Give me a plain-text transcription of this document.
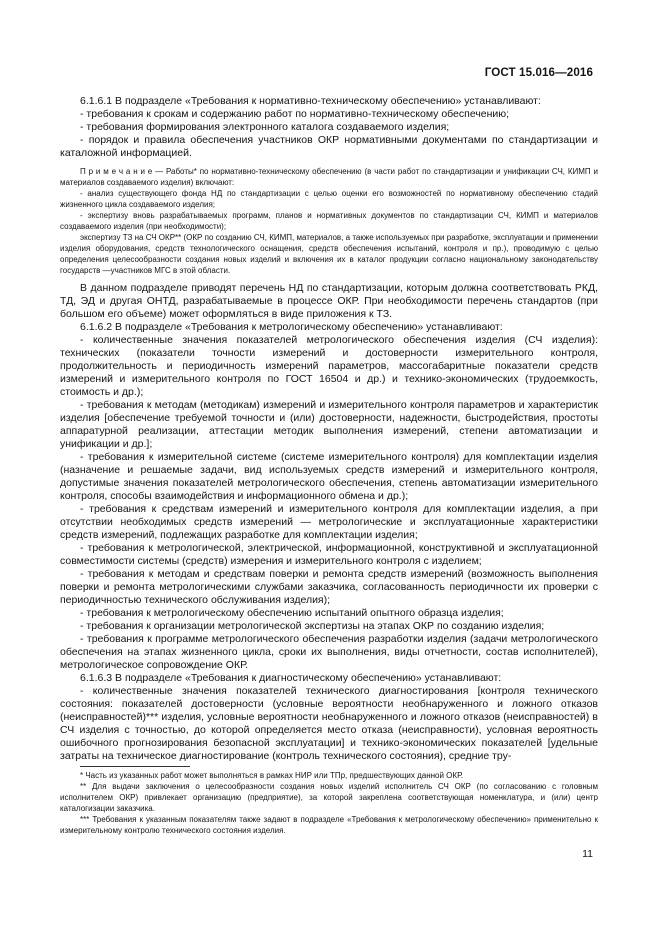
ГОСТ 15.016—2016

6.1.6.1 В подразделе «Требования к нормативно-техническому обеспечению» устанавливают:

- требования к срокам и содержанию работ по нормативно-техническому обеспечению;

- требования формирования электронного каталога создаваемого изделия;

- порядок и правила обеспечения участников ОКР нормативными документами по стандартизации и каталожной информацией.

П р и м е ч а н и е — Работы* по нормативно-техническому обеспечению (в части работ по стандартизации и унификации СЧ, КИМП и материалов создаваемого изделия) включают:

- анализ существующего фонда НД по стандартизации с целью оценки его возможностей по нормативному обеспечению стадий жизненного цикла создаваемого изделия;

- экспертизу вновь разрабатываемых программ, планов и нормативных документов по стандартизации СЧ, КИМП и материалов создаваемого изделия (при необходимости);

экспертизу ТЗ на СЧ ОКР** (ОКР по созданию СЧ, КИМП, материалов, а также используемых при разработке, эксплуатации и применении изделия оборудования, средств технологического оснащения, средств обеспечения испытаний, контроля и пр.), проводимую с целью определения целесообразности создания новых изделий и включения их в каталог продукции согласно национальному законодательству государств —участников МГС в этой области.

В данном подразделе приводят перечень НД по стандартизации, которым должна соответствовать РКД, ТД, ЭД и другая ОНТД, разрабатываемые в процессе ОКР. При необходимости перечень стандартов (при большом его объеме) может оформляться в виде приложения к ТЗ.

6.1.6.2 В подразделе «Требования к метрологическому обеспечению» устанавливают:

- количественные значения показателей метрологического обеспечения изделия (СЧ изделия): технических (показатели точности измерений и достоверности измерительного контроля, продолжительность и периодичность измерений параметров, массогабаритные показатели средств измерений и измерительного контроля по ГОСТ 16504 и др.) и технико-экономических (трудоемкость, стоимость и др.);

- требования к методам (методикам) измерений и измерительного контроля параметров и характеристик изделия [обеспечение требуемой точности и (или) достоверности, надежности, быстродействия, простоты аппаратурной реализации, аттестации методик выполнения измерений, степени автоматизации и унификации и др.];

- требования к измерительной системе (системе измерительного контроля) для комплектации изделия (назначение и решаемые задачи, вид используемых средств измерений и измерительного контроля, допустимые значения показателей метрологического обеспечения, степень автоматизации измерительного контроля, способы взаимодействия и информационного обмена и др.);

- требования к средствам измерений и измерительного контроля для комплектации изделия, а при отсутствии необходимых средств измерений — метрологические и эксплуатационные характеристики средств измерений, подлежащих разработке для комплектации изделия;

- требования к метрологической, электрической, информационной, конструктивной и эксплуатационной совместимости системы (средств) измерения и измерительного контроля с изделием;

- требования к методам и средствам поверки и ремонта средств измерений (возможность выполнения поверки и ремонта метрологическими службами заказчика, согласованность периодичности их проверки с периодичностью технического обслуживания изделия);

- требования к метрологическому обеспечению испытаний опытного образца изделия;

- требования к организации метрологической экспертизы на этапах ОКР по созданию изделия;

- требования к программе метрологического обеспечения разработки изделия (задачи метрологического обеспечения на этапах жизненного цикла, сроки их выполнения, виды отчетности, состав исполнителей), метрологическое сопровождение ОКР.

6.1.6.3 В подразделе «Требования к диагностическому обеспечению» устанавливают:

- количественные значения показателей технического диагностирования [контроля технического состояния: показателей достоверности (условные вероятности необнаруженного и ложного отказов (неисправностей)*** изделия, условные вероятности необнаруженного и ложного отказов (неисправностей) в СЧ изделия с точностью, до которой определяется место отказа (неисправности), условная вероятность ошибочного прогнозирования безопасной эксплуатации] и технико-экономических показателей [удельные затраты на техническое диагностирование (контроль технического состояния), средние тру-

* Часть из указанных работ может выполняться в рамках НИР или ТПр, предшествующих данной ОКР.

** Для выдачи заключения о целесообразности создания новых изделий исполнитель СЧ ОКР (по согласованию с головным исполнителем ОКР) привлекает организацию (предприятие), за которой закреплена соответствующая номенклатура, и (или) центр каталогизации заказчика.

*** Требования к указанным показателям также задают в подразделе «Требования к метрологическому обеспечению» применительно к измерительному контролю технического состояния изделия.

11
